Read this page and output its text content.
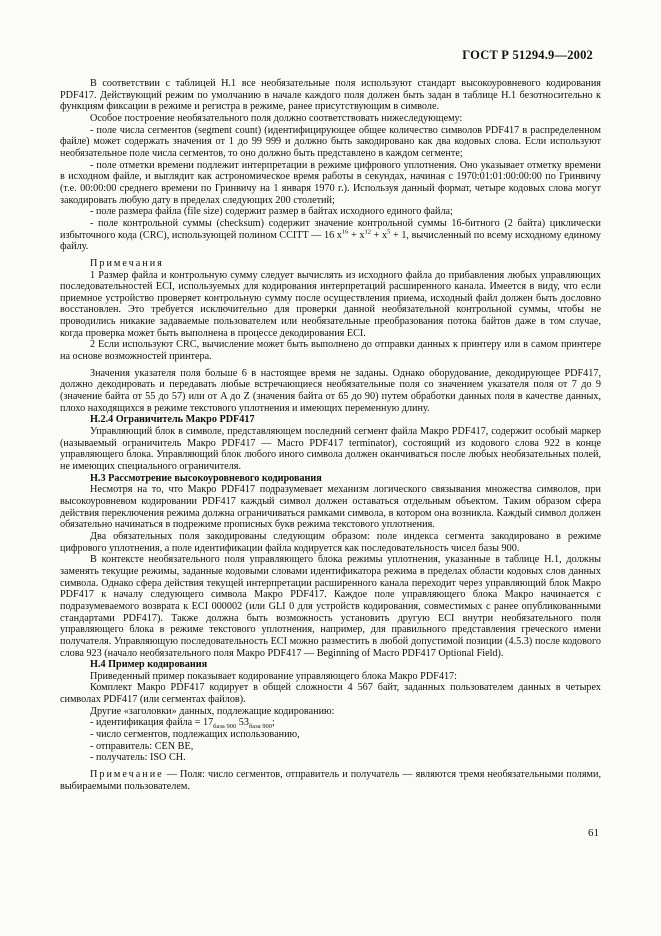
ГОСТ Р 51294.9—2002

В соответствии с таблицей Н.1 все необязательные поля используют стандарт высокоуровневого кодирования PDF417. Действующий режим по умолчанию в начале каждого поля должен быть задан в таблице Н.1 безотносительно к функциям фиксации в режиме и регистра в режиме, ранее присутствующим в символе.

Особое построение необязательного поля должно соответствовать нижеследующему:

- поле числа сегментов (segment count) (идентифицирующее общее количество символов PDF417 в распределенном файле) может содержать значения от 1 до 99 999 и должно быть закодировано как два кодовых слова. Если используют необязательное поле числа сегментов, то оно должно быть представлено в каждом сегменте;

- поле отметки времени подлежит интерпретации в режиме цифрового уплотнения. Оно указывает отметку времени в исходном файле, и выглядит как астрономическое время работы в секундах, начиная с 1970:01:01:00:00:00 по Гринвичу (т.е. 00:00:00 среднего времени по Гринвичу на 1 января 1970 г.). Используя данный формат, четыре кодовых слова могут закодировать любую дату в пределах следующих 200 столетий;

- поле размера файла (file size) содержит размер в байтах исходного единого файла;

- поле контрольной суммы (checksum) содержит значение контрольной суммы 16-битного (2 байта) циклически избыточного кода (CRC), использующей полином CCITT — 16 $x^{16} + x^{12} + x^5 + 1$, вычисленный по всему исходному единому файлу.

Примечания

1 Размер файла и контрольную сумму следует вычислять из исходного файла до прибавления любых управляющих последовательностей ECI, используемых для кодирования интерпретаций расширенного канала. Имеется в виду, что если приемное устройство проверяет контрольную сумму после осуществления приема, исходный файл должен быть дословно восстановлен. Это требуется исключительно для проверки данной необязательной контрольной суммы, чтобы не проводились никакие задаваемые пользователем или необязательные преобразования потока байтов даже в том случае, когда проверка может быть выполнена в процессе декодирования ECI.

2 Если используют CRC, вычисление может быть выполнено до отправки данных к принтеру или в самом принтере на основе возможностей принтера.

Значения указателя поля больше 6 в настоящее время не заданы. Однако оборудование, декодирующее PDF417, должно декодировать и передавать любые встречающиеся необязательные поля со значением указателя поля от 7 до 9 (значение байта от 55 до 57) или от A до Z (значения байта от 65 до 90) путем обработки данных поля в качестве данных, плохо находящихся в режиме текстового уплотнения и имеющих переменную длину.

Н.2.4 Ограничитель Макро PDF417

Управляющий блок в символе, представляющем последний сегмент файла Макро PDF417, содержит особый маркер (называемый ограничитель Макро PDF417 — Macro PDF417 terminator), состоящий из кодового слова 922 в конце управляющего блока. Управляющий блок любого иного символа должен оканчиваться после любых необязательных полей, не имеющих специального ограничителя.

Н.3 Рассмотрение высокоуровневого кодирования

Несмотря на то, что Макро PDF417 подразумевает механизм логического связывания множества символов, при высокоуровневом кодировании PDF417 каждый символ должен оставаться отдельным объектом. Таким образом сфера действия переключения режима должна ограничиваться рамками символа, в котором она возникла. Каждый символ должен обязательно начинаться в подрежиме прописных букв режима текстового уплотнения.

Два обязательных поля закодированы следующим образом: поле индекса сегмента закодировано в режиме цифрового уплотнения, а поле идентификации файла кодируется как последовательность чисел базы 900.

В контексте необязательного поля управляющего блока режимы уплотнения, указанные в таблице Н.1, должны заменять текущие режимы, заданные кодовыми словами идентификатора режима в пределах области кодовых слов данных символа. Однако сфера действия текущей интерпретации расширенного канала переходит через управляющий блок Макро PDF417 к началу следующего символа Макро PDF417. Каждое поле управляющего блока Макро начинается с подразумеваемого возврата к ECI 000002 (или GLI 0 для устройств кодирования, совместимых с ранее опубликованными стандартами PDF417). Также должна быть возможность установить другую ECI внутри необязательного поля управляющего блока в режиме текстового уплотнения, например, для правильного представления греческого имени получателя. Управляющую последовательность ECI можно разместить в любой допустимой позиции (4.5.3) после кодового слова 923 (начало необязательного поля Макро PDF417 — Beginning of Macro PDF417 Optional Field).

Н.4 Пример кодирования

Приведенный пример показывает кодирование управляющего блока Макро PDF417:

Комплект Макро PDF417 кодирует в общей сложности 4 567 байт, заданных пользователем данных в четырех символах PDF417 (или сегментах файлов).

Другие «заголовки» данных, подлежащие кодированию:

- идентификация файла = $17_{база 900}$ $53_{база 900}$;

- число сегментов, подлежащих использованию,

- отправитель: CEN BE,

- получатель: ISO CH.

Примечание — Поля: число сегментов, отправитель и получатель — являются тремя необязательными полями, выбираемыми пользователем.

61
